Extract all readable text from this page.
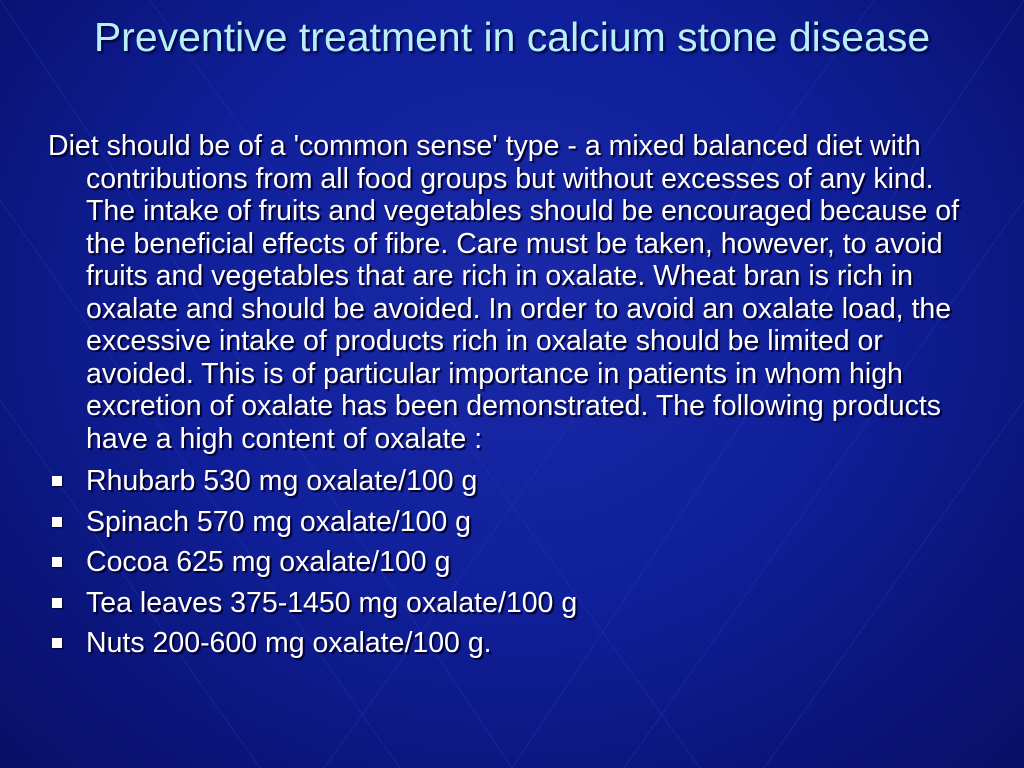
Preventive treatment in calcium stone disease

Diet should be of a 'common sense' type - a mixed balanced diet with contributions from all food groups but without excesses of any kind. The intake of fruits and vegetables should be encouraged because of the beneficial effects of fibre. Care must be taken, however, to avoid fruits and vegetables that are rich in oxalate. Wheat bran is rich in oxalate and should be avoided. In order to avoid an oxalate load, the excessive intake of products rich in oxalate should be limited or avoided. This is of particular importance in patients in whom high excretion of oxalate has been demonstrated. The following products have a high content of oxalate :

Rhubarb 530 mg oxalate/100 g
Spinach 570 mg oxalate/100 g
Cocoa 625 mg oxalate/100 g
Tea leaves 375-1450 mg oxalate/100 g
Nuts 200-600 mg oxalate/100 g.
